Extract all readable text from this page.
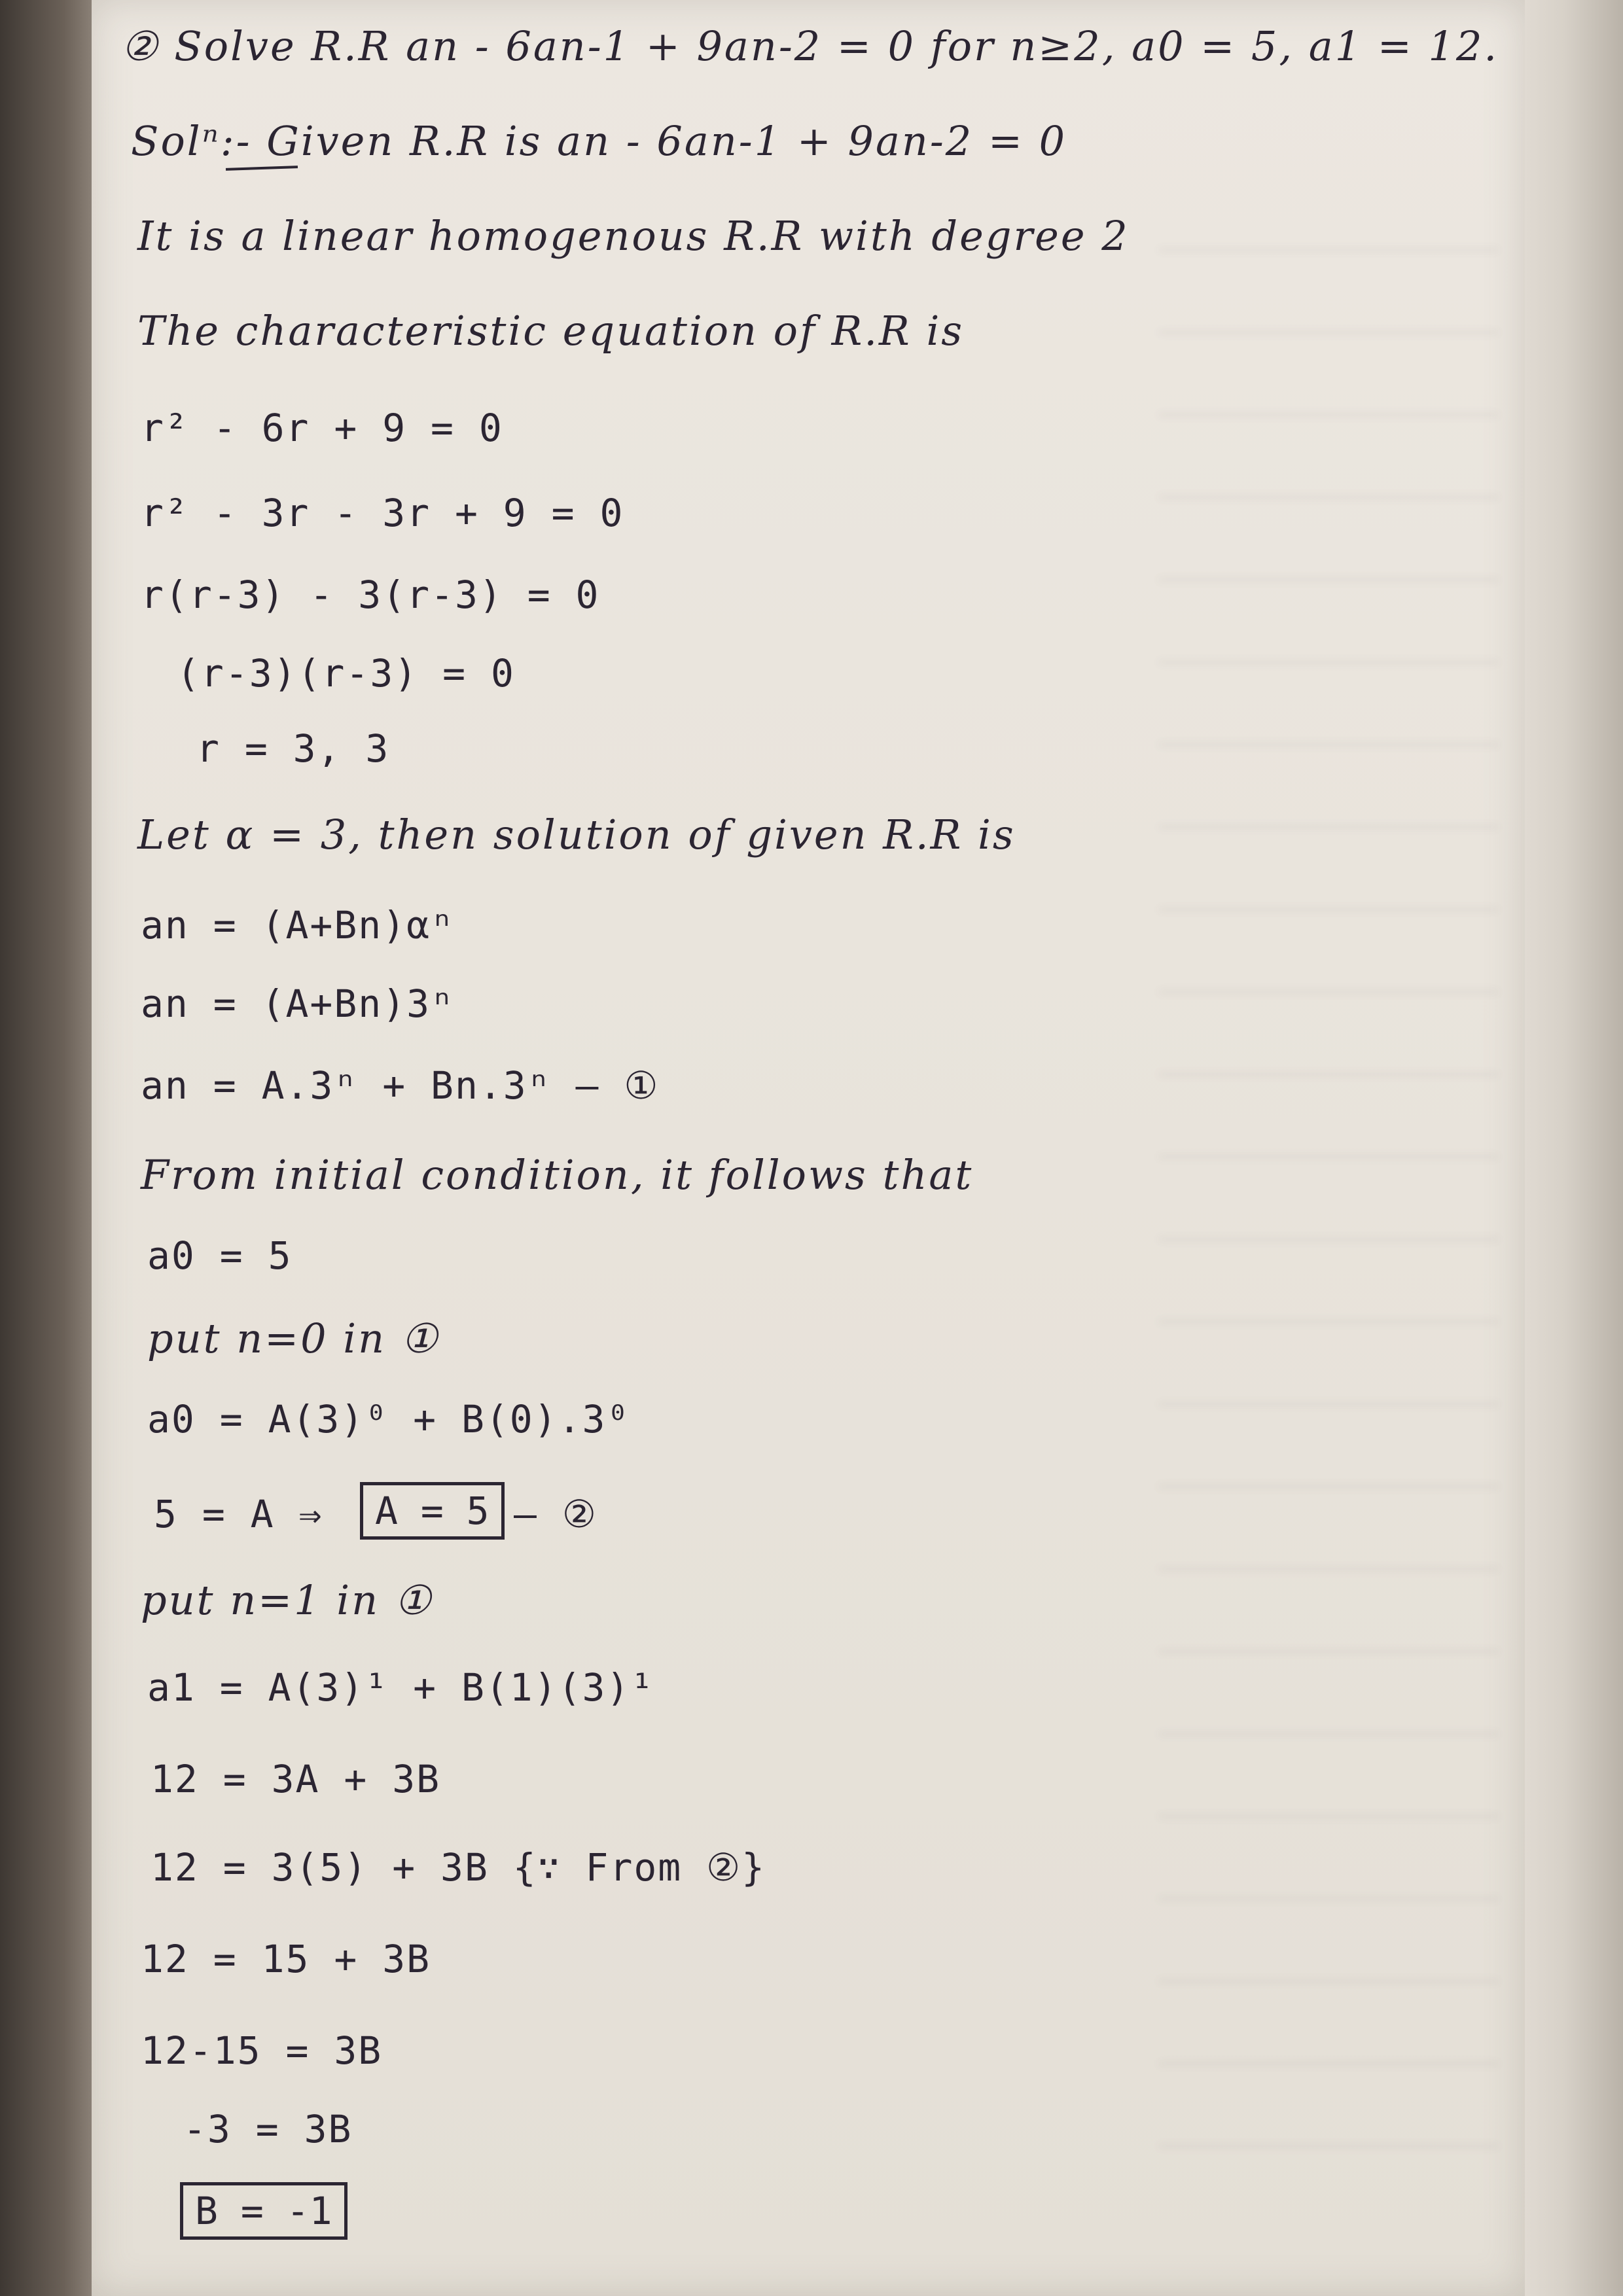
② Solve R.R an - 6an-1 + 9an-2 = 0 for n≥2, a0 = 5, a1 = 12.

Solⁿ:- Given R.R is an - 6an-1 + 9an-2 = 0

It is a linear homogenous R.R with degree 2

The characteristic equation of R.R is

r² - 6r + 9 = 0

r² - 3r - 3r + 9 = 0

r(r-3) - 3(r-3) = 0

(r-3)(r-3) = 0

r = 3, 3

Let α = 3, then solution of given R.R is

an = (A+Bn)αⁿ

an = (A+Bn)3ⁿ

an = A.3ⁿ + Bn.3ⁿ — ①

From initial condition, it follows that

a0 = 5

put n=0 in ①

a0 = A(3)⁰ + B(0).3⁰

5 = A ⇒	A = 5 — ②

put n=1 in ①

a1 = A(3)¹ + B(1)(3)¹

12 = 3A + 3B

12 = 3(5) + 3B {∵ From ②}

12 = 15 + 3B

12-15 = 3B

-3 = 3B

B = -1
